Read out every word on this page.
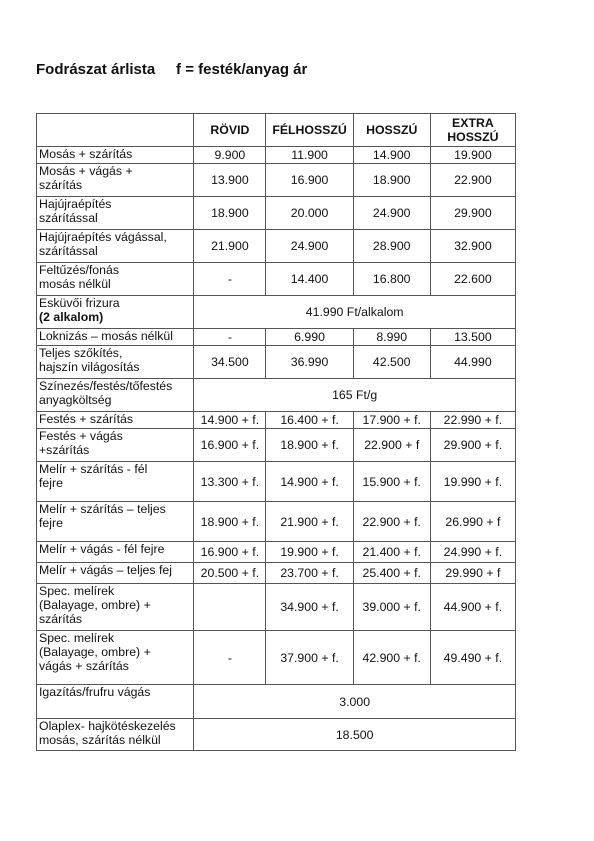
Fodrászat árlista     f = festék/anyag ár
	RÖVID	FÉLHOSSZÚ	HOSSZÚ	EXTRA
HOSSZÚ
Mosás + szárítás	9.900	11.900	14.900	19.900
Mosás + vágás +
szárítás	13.900	16.900	18.900	22.900
Hajújraépítés
szárítással	18.900	20.000	24.900	29.900
Hajújraépítés vágással,
szárítással	21.900	24.900	28.900	32.900
Feltűzés/fonás
mosás nélkül	-	14.400	16.800	22.600
Esküvői frizura
(2 alkalom)	41.990 Ft/alkalom			
Loknizás – mosás nélkül	-	6.990	8.990	13.500
Teljes szőkítés,
hajszín világosítás	34.500	36.990	42.500	44.990
Színezés/festés/tőfestés
anyagköltség	165 Ft/g			
Festés + szárítás	14.900 + f.	16.400 + f.	17.900 + f.	22.990 + f.
Festés + vágás
+szárítás	16.900 + f.	18.900 + f.	22.900 + f	29.900 + f.
Melír + szárítás - fél
fejre	13.300 + f.	14.900 + f.	15.900 + f.	19.990 + f.
Melír + szárítás – teljes
fejre	18.900 + f.	21.900 + f.	22.900 + f.	26.990 + f
Melír + vágás - fél fejre	16.900 + f.	19.900 + f.	21.400 + f.	24.990 + f.
Melír + vágás – teljes fej	20.500 + f.	23.700 + f.	25.400 + f.	29.990 + f
Spec. melírek
(Balayage, ombre) +
szárítás		34.900 + f.	39.000 + f.	44.900 + f.
Spec. melírek
(Balayage, ombre) +
vágás + szárítás	-	37.900 + f.	42.900 + f.	49.490 + f.
Igazítás/frufru vágás	3.000			
Olaplex- hajkötéskezelés
mosás, szárítás nélkül	18.500			
